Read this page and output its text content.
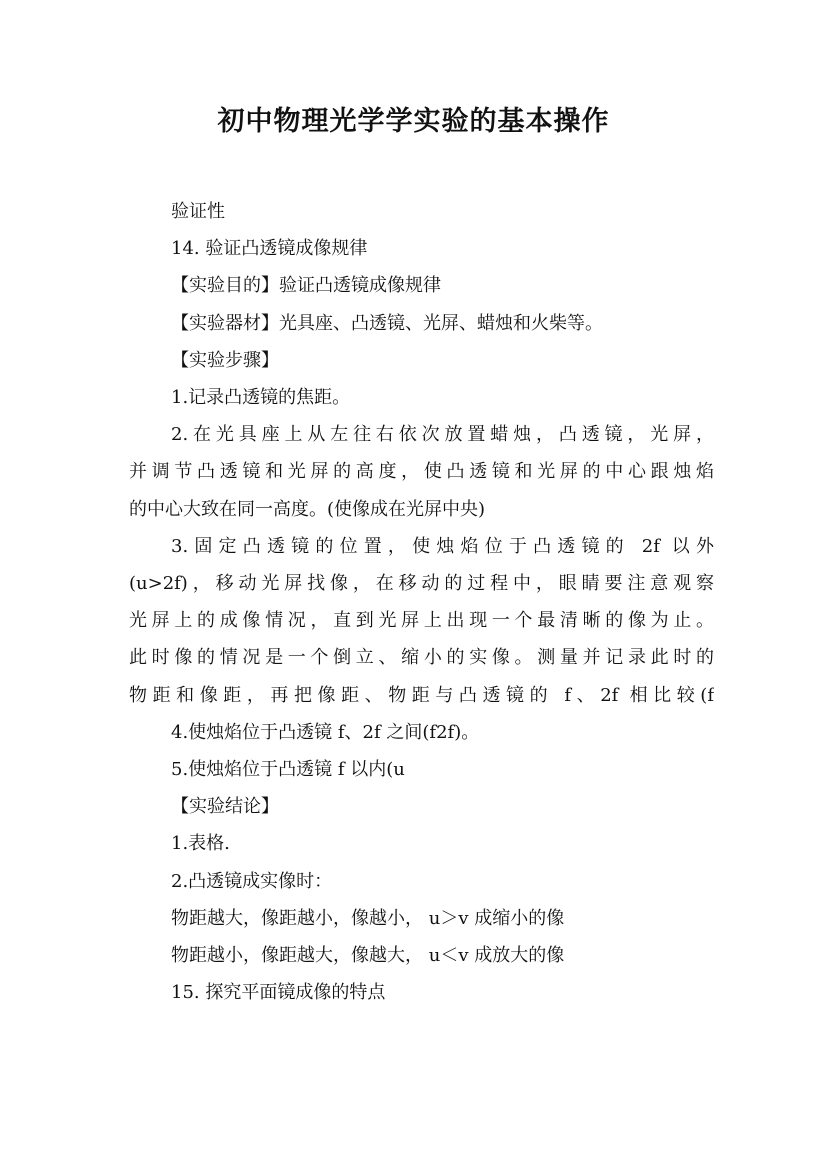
初中物理光学学实验的基本操作

验证性

14. 验证凸透镜成像规律

【实验目的】验证凸透镜成像规律

【实验器材】光具座、凸透镜、光屏、蜡烛和火柴等。

【实验步骤】

1.记录凸透镜的焦距。

2.在光具座上从左往右依次放置蜡烛，凸透镜，光屏，

并调节凸透镜和光屏的高度，使凸透镜和光屏的中心跟烛焰

的中心大致在同一高度。(使像成在光屏中央)

3.固定凸透镜的位置，使烛焰位于凸透镜的 2f 以外

(u>2f)，移动光屏找像，在移动的过程中，眼睛要注意观察

光屏上的成像情况，直到光屏上出现一个最清晰的像为止。

此时像的情况是一个倒立、缩小的实像。测量并记录此时的

物距和像距，再把像距、物距与凸透镜的 f、2f 相比较(f

4.使烛焰位于凸透镜 f、2f 之间(f2f)。

5.使烛焰位于凸透镜 f 以内(u

【实验结论】

1.表格.

2.凸透镜成实像时：

物距越大，像距越小，像越小， u＞v 成缩小的像

物距越小，像距越大，像越大， u＜v 成放大的像

15. 探究平面镜成像的特点
